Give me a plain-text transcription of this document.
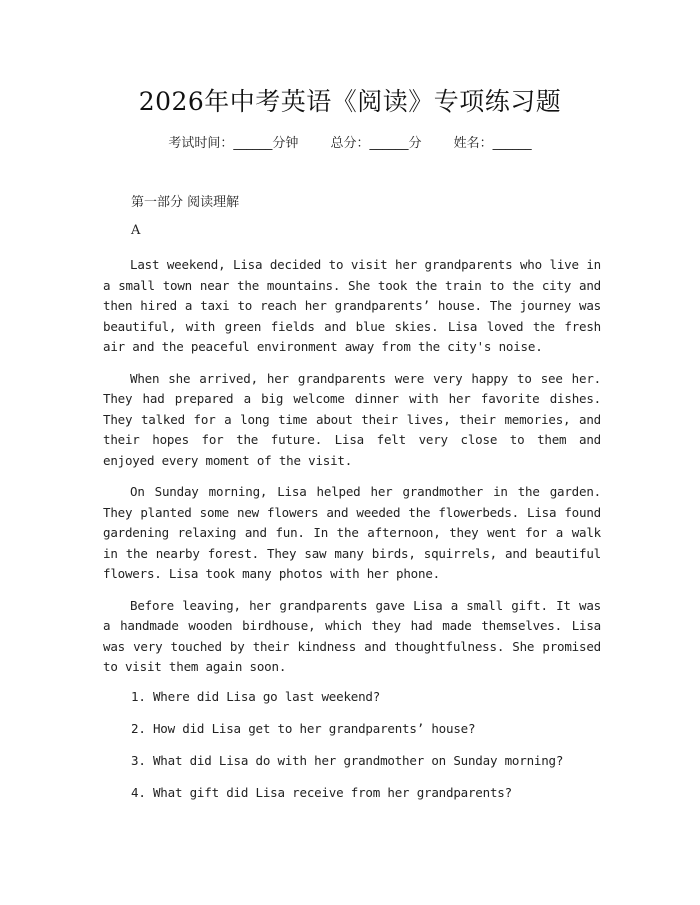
2026年中考英语《阅读》专项练习题
考试时间：______分钟 总分：______分 姓名：______
第一部分 阅读理解
A

Last weekend, Lisa decided to visit her grandparents who live in a small town near the mountains. She took the train to the city and then hired a taxi to reach her grandparents’ house. The journey was beautiful, with green fields and blue skies. Lisa loved the fresh air and the peaceful environment away from the city's noise.

When she arrived, her grandparents were very happy to see her. They had prepared a big welcome dinner with her favorite dishes. They talked for a long time about their lives, their memories, and their hopes for the future. Lisa felt very close to them and enjoyed every moment of the visit.

On Sunday morning, Lisa helped her grandmother in the garden. They planted some new flowers and weeded the flowerbeds. Lisa found gardening relaxing and fun. In the afternoon, they went for a walk in the nearby forest. They saw many birds, squirrels, and beautiful flowers. Lisa took many photos with her phone.

Before leaving, her grandparents gave Lisa a small gift. It was a handmade wooden birdhouse, which they had made themselves. Lisa was very touched by their kindness and thoughtfulness. She promised to visit them again soon.

1. Where did Lisa go last weekend?
2. How did Lisa get to her grandparents’ house?
3. What did Lisa do with her grandmother on Sunday morning?
4. What gift did Lisa receive from her grandparents?
